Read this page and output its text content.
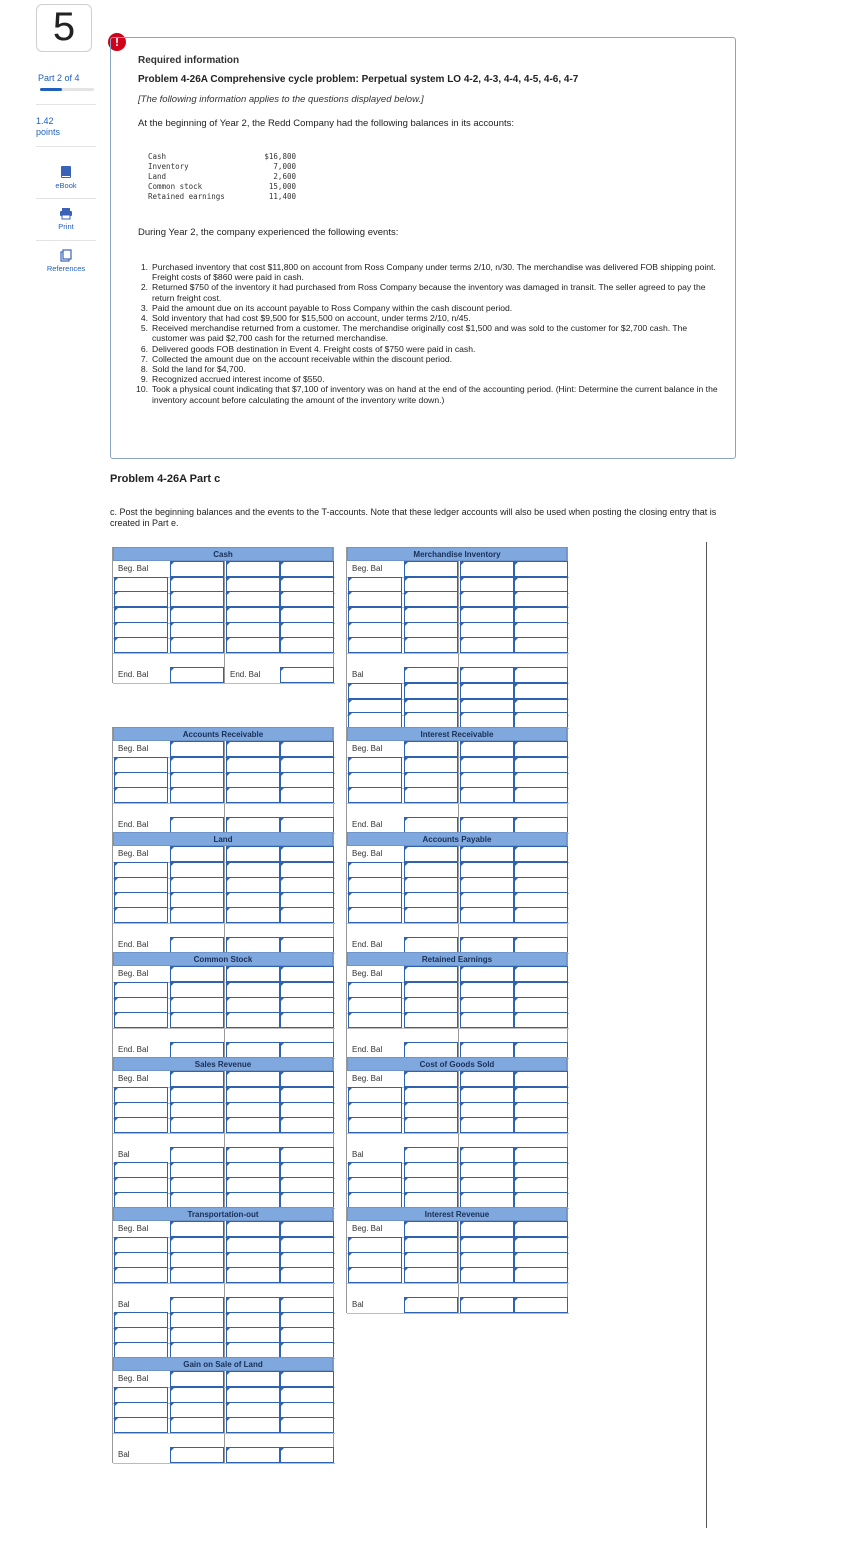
5	!
Part 2 of 4
1.42
points
eBook
Print
References
Required information
Problem 4-26A Comprehensive cycle problem: Perpetual system LO 4-2, 4-3, 4-4, 4-5, 4-6, 4-7
[The following information applies to the questions displayed below.]
At the beginning of Year 2, the Redd Company had the following balances in its accounts:
Cash	$16,800
Inventory	7,000
Land	2,600
Common stock	15,000
Retained earnings	11,400
During Year 2, the company experienced the following events:
1. Purchased inventory that cost $11,800 on account from Ross Company under terms 2/10, n/30. The merchandise was delivered FOB shipping point. Freight costs of $860 were paid in cash.
2. Returned $750 of the inventory it had purchased from Ross Company because the inventory was damaged in transit. The seller agreed to pay the return freight cost.
3. Paid the amount due on its account payable to Ross Company within the cash discount period.
4. Sold inventory that had cost $9,500 for $15,500 on account, under terms 2/10, n/45.
5. Received merchandise returned from a customer. The merchandise originally cost $1,500 and was sold to the customer for $2,700 cash. The customer was paid $2,700 cash for the returned merchandise.
6. Delivered goods FOB destination in Event 4. Freight costs of $750 were paid in cash.
7. Collected the amount due on the account receivable within the discount period.
8. Sold the land for $4,700.
9. Recognized accrued interest income of $550.
10. Took a physical count indicating that $7,100 of inventory was on hand at the end of the accounting period. (Hint: Determine the current balance in the inventory account before calculating the amount of the inventory write down.)
Problem 4-26A Part c
c. Post the beginning balances and the events to the T-accounts. Note that these ledger accounts will also be used when posting the closing entry that is created in Part e.
Cash
Beg. Bal
End. Bal	End. Bal
Merchandise Inventory
Beg. Bal
Bal
Accounts Receivable
Beg. Bal
End. Bal
Interest Receivable
Beg. Bal
End. Bal
Land
Beg. Bal
End. Bal
Accounts Payable
Beg. Bal
End. Bal
Common Stock
Beg. Bal
End. Bal
Retained Earnings
Beg. Bal
End. Bal
Sales Revenue
Beg. Bal
Bal
Cost of Goods Sold
Beg. Bal
Bal
Transportation-out
Beg. Bal
Bal
Interest Revenue
Beg. Bal
Bal
Gain on Sale of Land
Beg. Bal
Bal
